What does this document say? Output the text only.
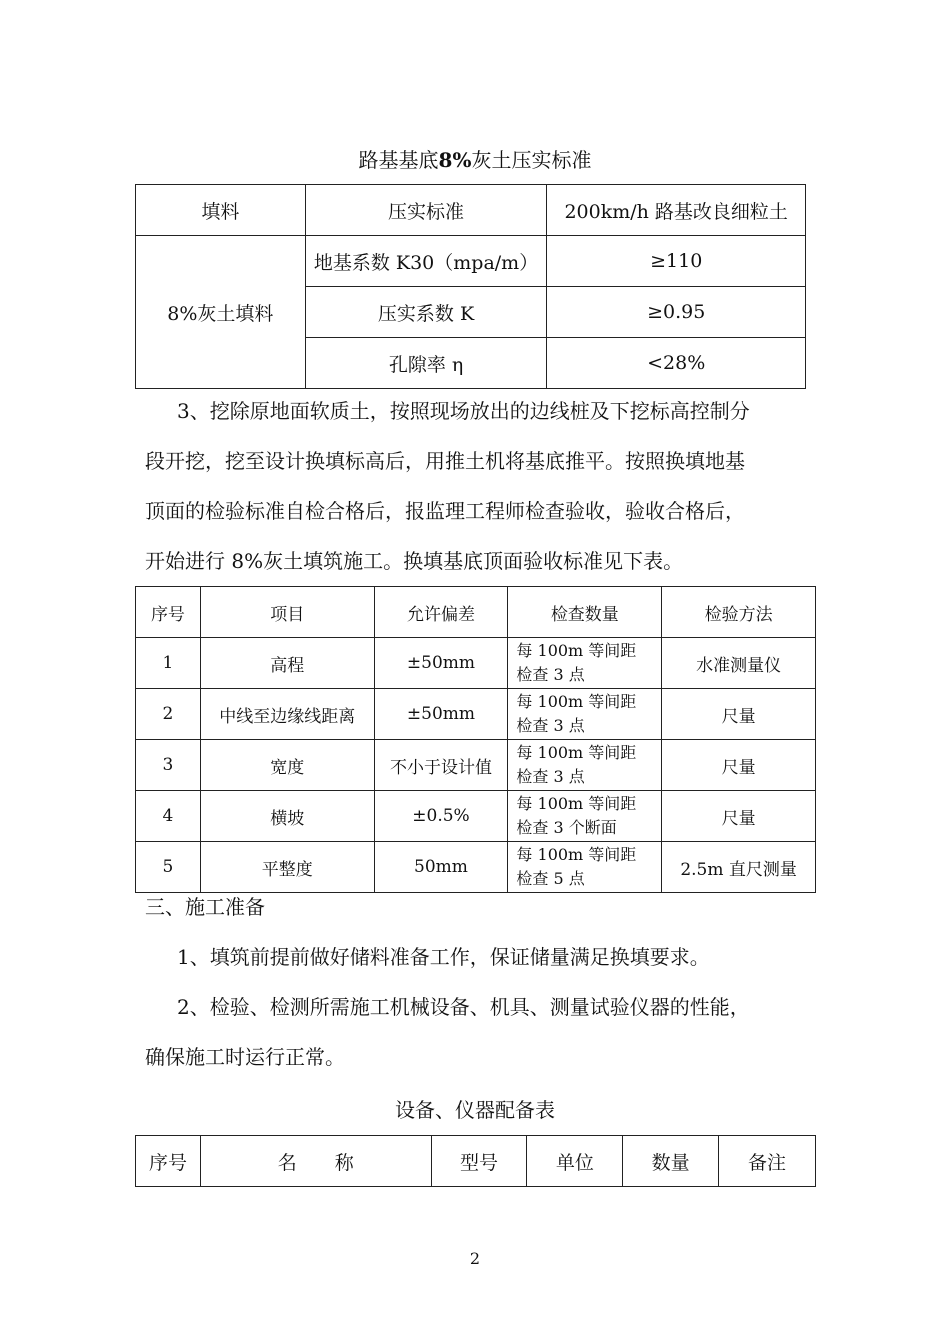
路基基底8%灰土压实标准
填料	压实标准	200km/h 路基改良细粒土
8%灰土填料	地基系数 K30（mpa/m）	≥110
	压实系数 K	≥0.95
	孔隙率 η	<28%
3、挖除原地面软质土，按照现场放出的边线桩及下挖标高控制分
段开挖，挖至设计换填标高后，用推土机将基底推平。按照换填地基
顶面的检验标准自检合格后，报监理工程师检查验收，验收合格后，
开始进行 8%灰土填筑施工。换填基底顶面验收标准见下表。
序号	项目	允许偏差	检查数量	检验方法
1	高程	±50mm	每 100m 等间距
检查 3 点	水准测量仪
2	中线至边缘线距离	±50mm	每 100m 等间距
检查 3 点	尺量
3	宽度	不小于设计值	每 100m 等间距
检查 3 点	尺量
4	横坡	±0.5%	每 100m 等间距
检查 3 个断面	尺量
5	平整度	50mm	每 100m 等间距
检查 5 点	2.5m 直尺测量
三、施工准备
1、填筑前提前做好储料准备工作，保证储量满足换填要求。
2、检验、检测所需施工机械设备、机具、测量试验仪器的性能，
确保施工时运行正常。
设备、仪器配备表
序号	名　　称	型号	单位	数量	备注
2
